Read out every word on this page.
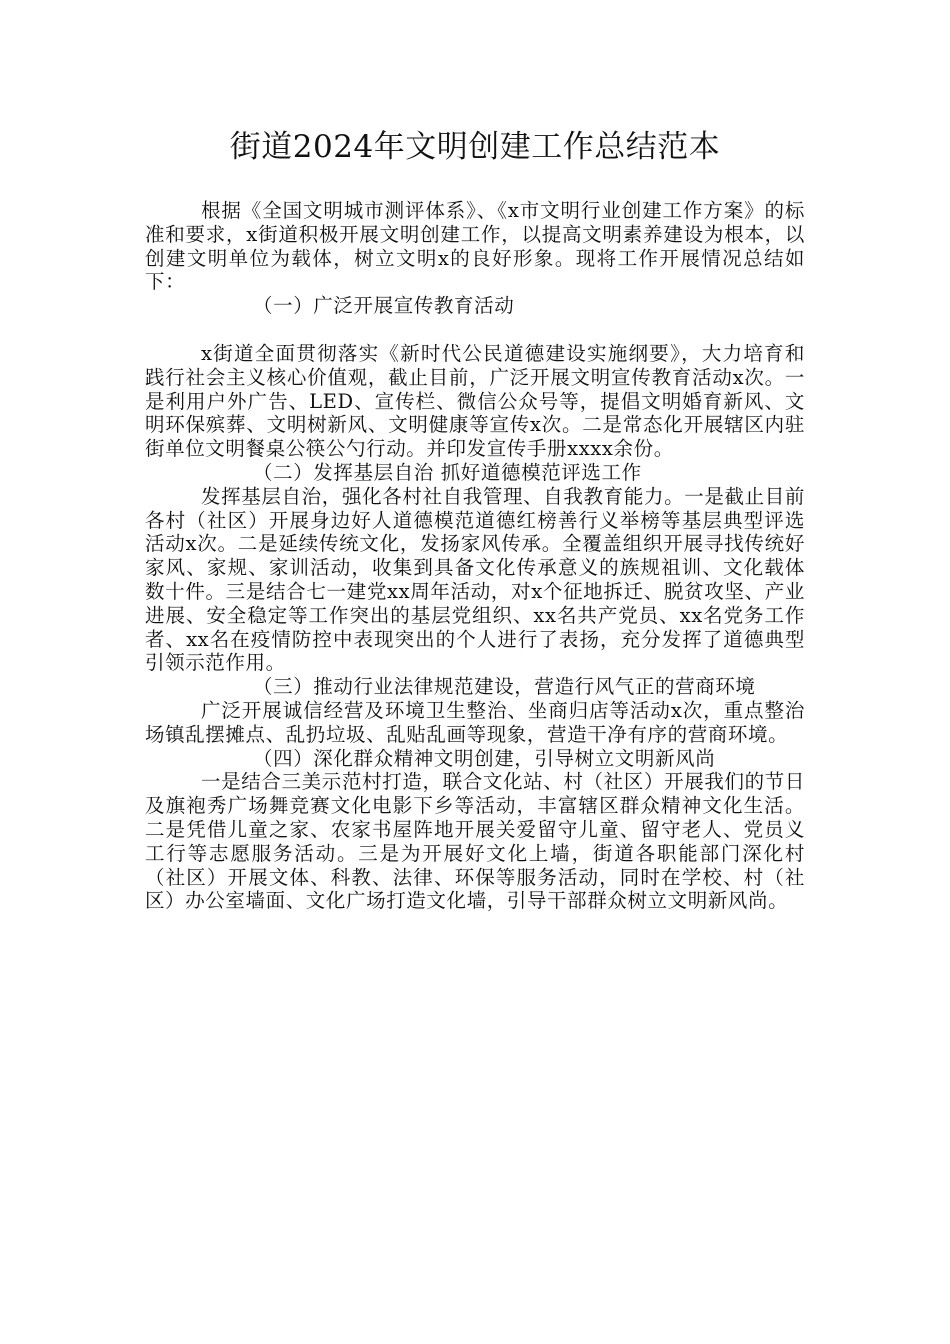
街道2024年文明创建工作总结范本

根据《全国文明城市测评体系》、《x市文明行业创建工作方案》的标准和要求，x街道积极开展文明创建工作，以提高文明素养建设为根本，以创建文明单位为载体，树立文明x的良好形象。现将工作开展情况总结如下：

（一）广泛开展宣传教育活动

x街道全面贯彻落实《新时代公民道德建设实施纲要》，大力培育和践行社会主义核心价值观，截止目前，广泛开展文明宣传教育活动x次。一是利用户外广告、LED、宣传栏、微信公众号等，提倡文明婚育新风、文明环保殡葬、文明树新风、文明健康等宣传x次。二是常态化开展辖区内驻街单位文明餐桌公筷公勺行动。并印发宣传手册xxxx余份。

（二）发挥基层自治 抓好道德模范评选工作

发挥基层自治，强化各村社自我管理、自我教育能力。一是截止目前各村（社区）开展身边好人道德模范道德红榜善行义举榜等基层典型评选活动x次。二是延续传统文化，发扬家风传承。全覆盖组织开展寻找传统好家风、家规、家训活动，收集到具备文化传承意义的族规祖训、文化载体数十件。三是结合七一建党xx周年活动，对x个征地拆迁、脱贫攻坚、产业进展、安全稳定等工作突出的基层党组织、xx名共产党员、xx名党务工作者、xx名在疫情防控中表现突出的个人进行了表扬，充分发挥了道德典型引领示范作用。

（三）推动行业法律规范建设，营造行风气正的营商环境

广泛开展诚信经营及环境卫生整治、坐商归店等活动x次，重点整治场镇乱摆摊点、乱扔垃圾、乱贴乱画等现象，营造干净有序的营商环境。

（四）深化群众精神文明创建，引导树立文明新风尚

一是结合三美示范村打造，联合文化站、村（社区）开展我们的节日及旗袍秀广场舞竞赛文化电影下乡等活动，丰富辖区群众精神文化生活。二是凭借儿童之家、农家书屋阵地开展关爱留守儿童、留守老人、党员义工行等志愿服务活动。三是为开展好文化上墙，街道各职能部门深化村（社区）开展文体、科教、法律、环保等服务活动，同时在学校、村（社区）办公室墙面、文化广场打造文化墙，引导干部群众树立文明新风尚。
